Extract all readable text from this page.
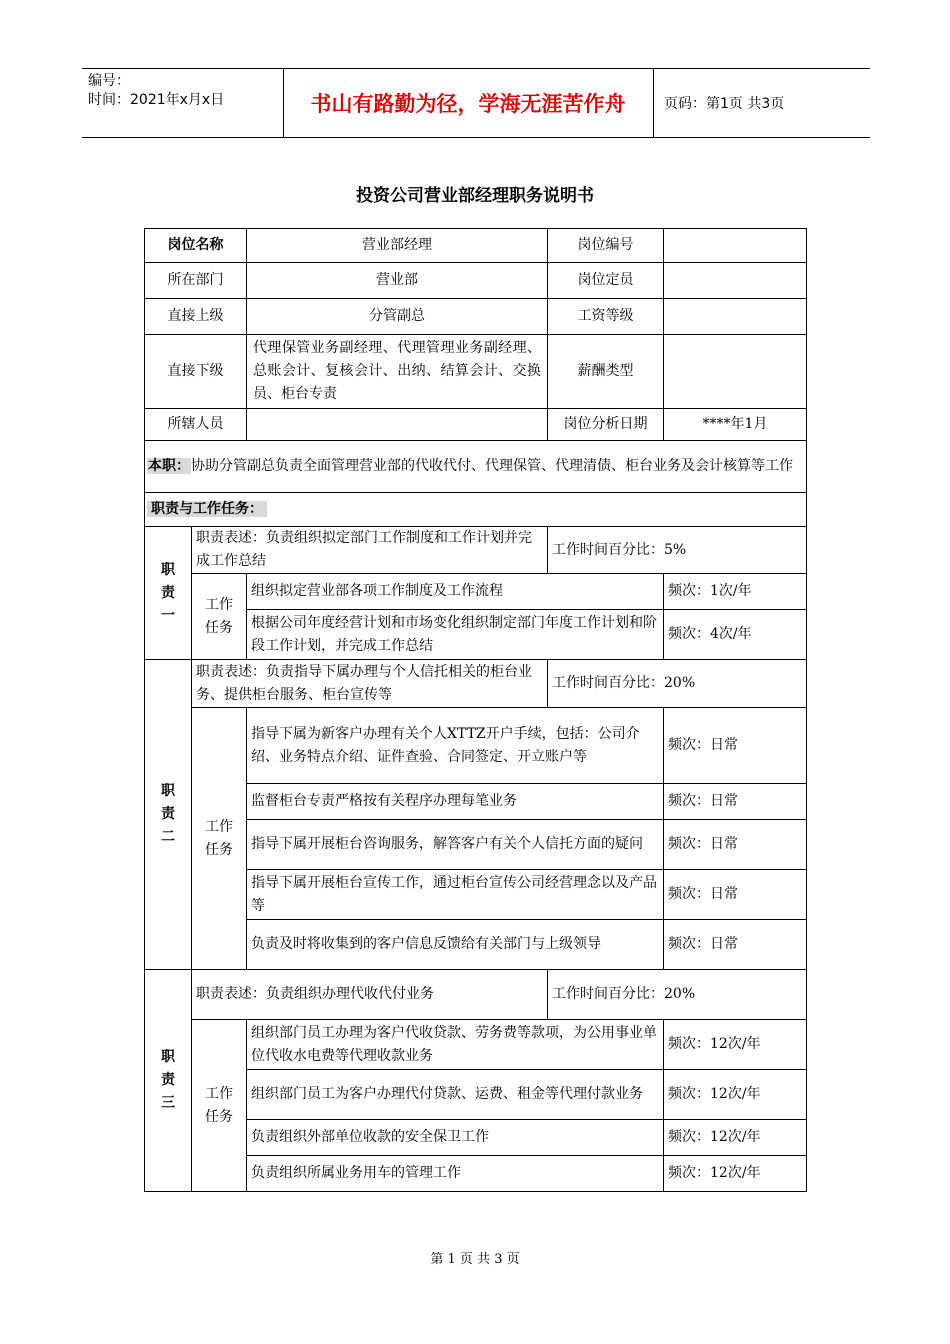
编号：
时间：2021年x月x日	书山有路勤为径，学海无涯苦作舟	页码：第1页 共3页
投资公司营业部经理职务说明书
岗位名称		营业部经理	岗位编号	
所在部门		营业部	岗位定员	
直接上级		分管副总	工资等级	
直接下级		代理保管业务副经理、代理管理业务副经理、总账会计、复核会计、出纳、结算会计、交换员、柜台专责	薪酬类型	
所辖人员			岗位分析日期	****年1月
本职：协助分管副总负责全面管理营业部的代收代付、代理保管、代理清债、柜台业务及会计核算等工作				
职责与工作任务：				
职责一	职责表述：负责组织拟定部门工作制度和工作计划并完成工作总结		工作时间百分比：5%	
	工作任务	组织拟定营业部各项工作制度及工作流程		频次：1次/年
		根据公司年度经营计划和市场变化组织制定部门年度工作计划和阶段工作计划，并完成工作总结		频次：4次/年
职责二	职责表述：负责指导下属办理与个人信托相关的柜台业务、提供柜台服务、柜台宣传等		工作时间百分比：20%	
	工作任务	指导下属为新客户办理有关个人XTTZ开户手续，包括：公司介绍、业务特点介绍、证件查验、合同签定、开立账户等		频次：日常
		监督柜台专责严格按有关程序办理每笔业务		频次：日常
		指导下属开展柜台咨询服务，解答客户有关个人信托方面的疑问		频次：日常
		指导下属开展柜台宣传工作，通过柜台宣传公司经营理念以及产品等		频次：日常
		负责及时将收集到的客户信息反馈给有关部门与上级领导		频次：日常
职责三	职责表述：负责组织办理代收代付业务		工作时间百分比：20%	
	工作任务	组织部门员工办理为客户代收贷款、劳务费等款项，为公用事业单位代收水电费等代理收款业务		频次：12次/年
		组织部门员工为客户办理代付贷款、运费、租金等代理付款业务		频次：12次/年
		负责组织外部单位收款的安全保卫工作		频次：12次/年
		负责组织所属业务用车的管理工作		频次：12次/年
第 1 页 共 3 页
